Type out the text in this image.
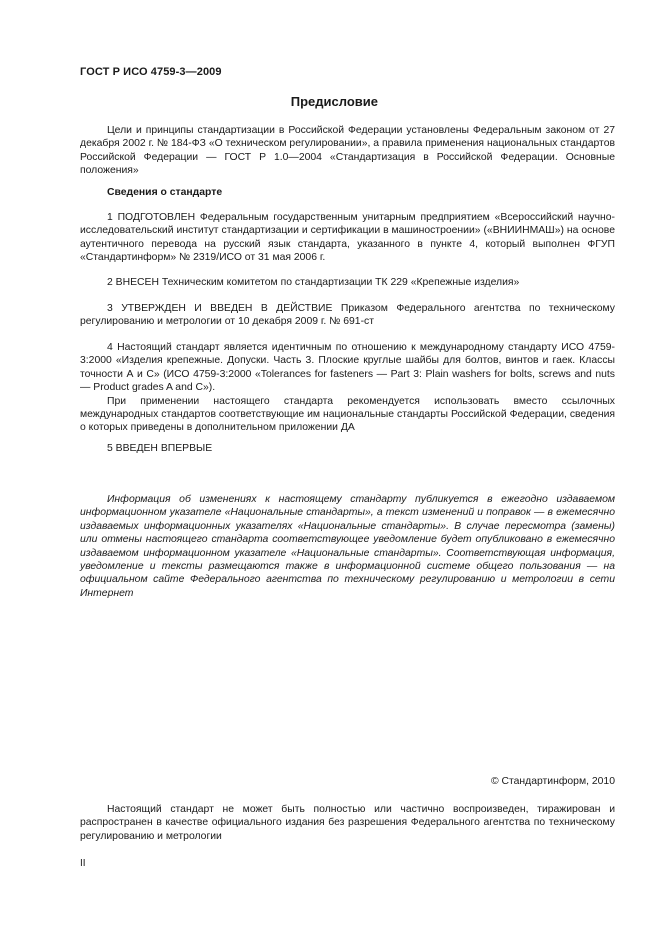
ГОСТ Р ИСО 4759-3—2009
Предисловие

Цели и принципы стандартизации в Российской Федерации установлены Федеральным законом от 27 декабря 2002 г. № 184-ФЗ «О техническом регулировании», а правила применения национальных стандартов Российской Федерации — ГОСТ Р 1.0—2004 «Стандартизация в Российской Федерации. Основные положения»

Сведения о стандарте

1 ПОДГОТОВЛЕН Федеральным государственным унитарным предприятием «Всероссийский научно-исследовательский институт стандартизации и сертификации в машиностроении» («ВНИИНМАШ») на основе аутентичного перевода на русский язык стандарта, указанного в пункте 4, который выполнен ФГУП «Стандартинформ» № 2319/ИСО от 31 мая 2006 г.

2 ВНЕСЕН Техническим комитетом по стандартизации ТК 229 «Крепежные изделия»

3 УТВЕРЖДЕН И ВВЕДЕН В ДЕЙСТВИЕ Приказом Федерального агентства по техническому регулированию и метрологии от 10 декабря 2009 г. № 691-ст

4 Настоящий стандарт является идентичным по отношению к международному стандарту ИСО 4759-3:2000 «Изделия крепежные. Допуски. Часть 3. Плоские круглые шайбы для болтов, винтов и гаек. Классы точности А и С» (ИСО 4759-3:2000 «Tolerances for fasteners — Part 3: Plain washers for bolts, screws and nuts — Product grades A and C»).

При применении настоящего стандарта рекомендуется использовать вместо ссылочных международных стандартов соответствующие им национальные стандарты Российской Федерации, сведения о которых приведены в дополнительном приложении ДА

5 ВВЕДЕН ВПЕРВЫЕ

Информация об изменениях к настоящему стандарту публикуется в ежегодно издаваемом информационном указателе «Национальные стандарты», а текст изменений и поправок — в ежемесячно издаваемых информационных указателях «Национальные стандарты». В случае пересмотра (замены) или отмены настоящего стандарта соответствующее уведомление будет опубликовано в ежемесячно издаваемом информационном указателе «Национальные стандарты». Соответствующая информация, уведомление и тексты размещаются также в информационной системе общего пользования — на официальном сайте Федерального агентства по техническому регулированию и метрологии в сети Интернет

© Стандартинформ, 2010

Настоящий стандарт не может быть полностью или частично воспроизведен, тиражирован и распространен в качестве официального издания без разрешения Федерального агентства по техническому регулированию и метрологии

II
